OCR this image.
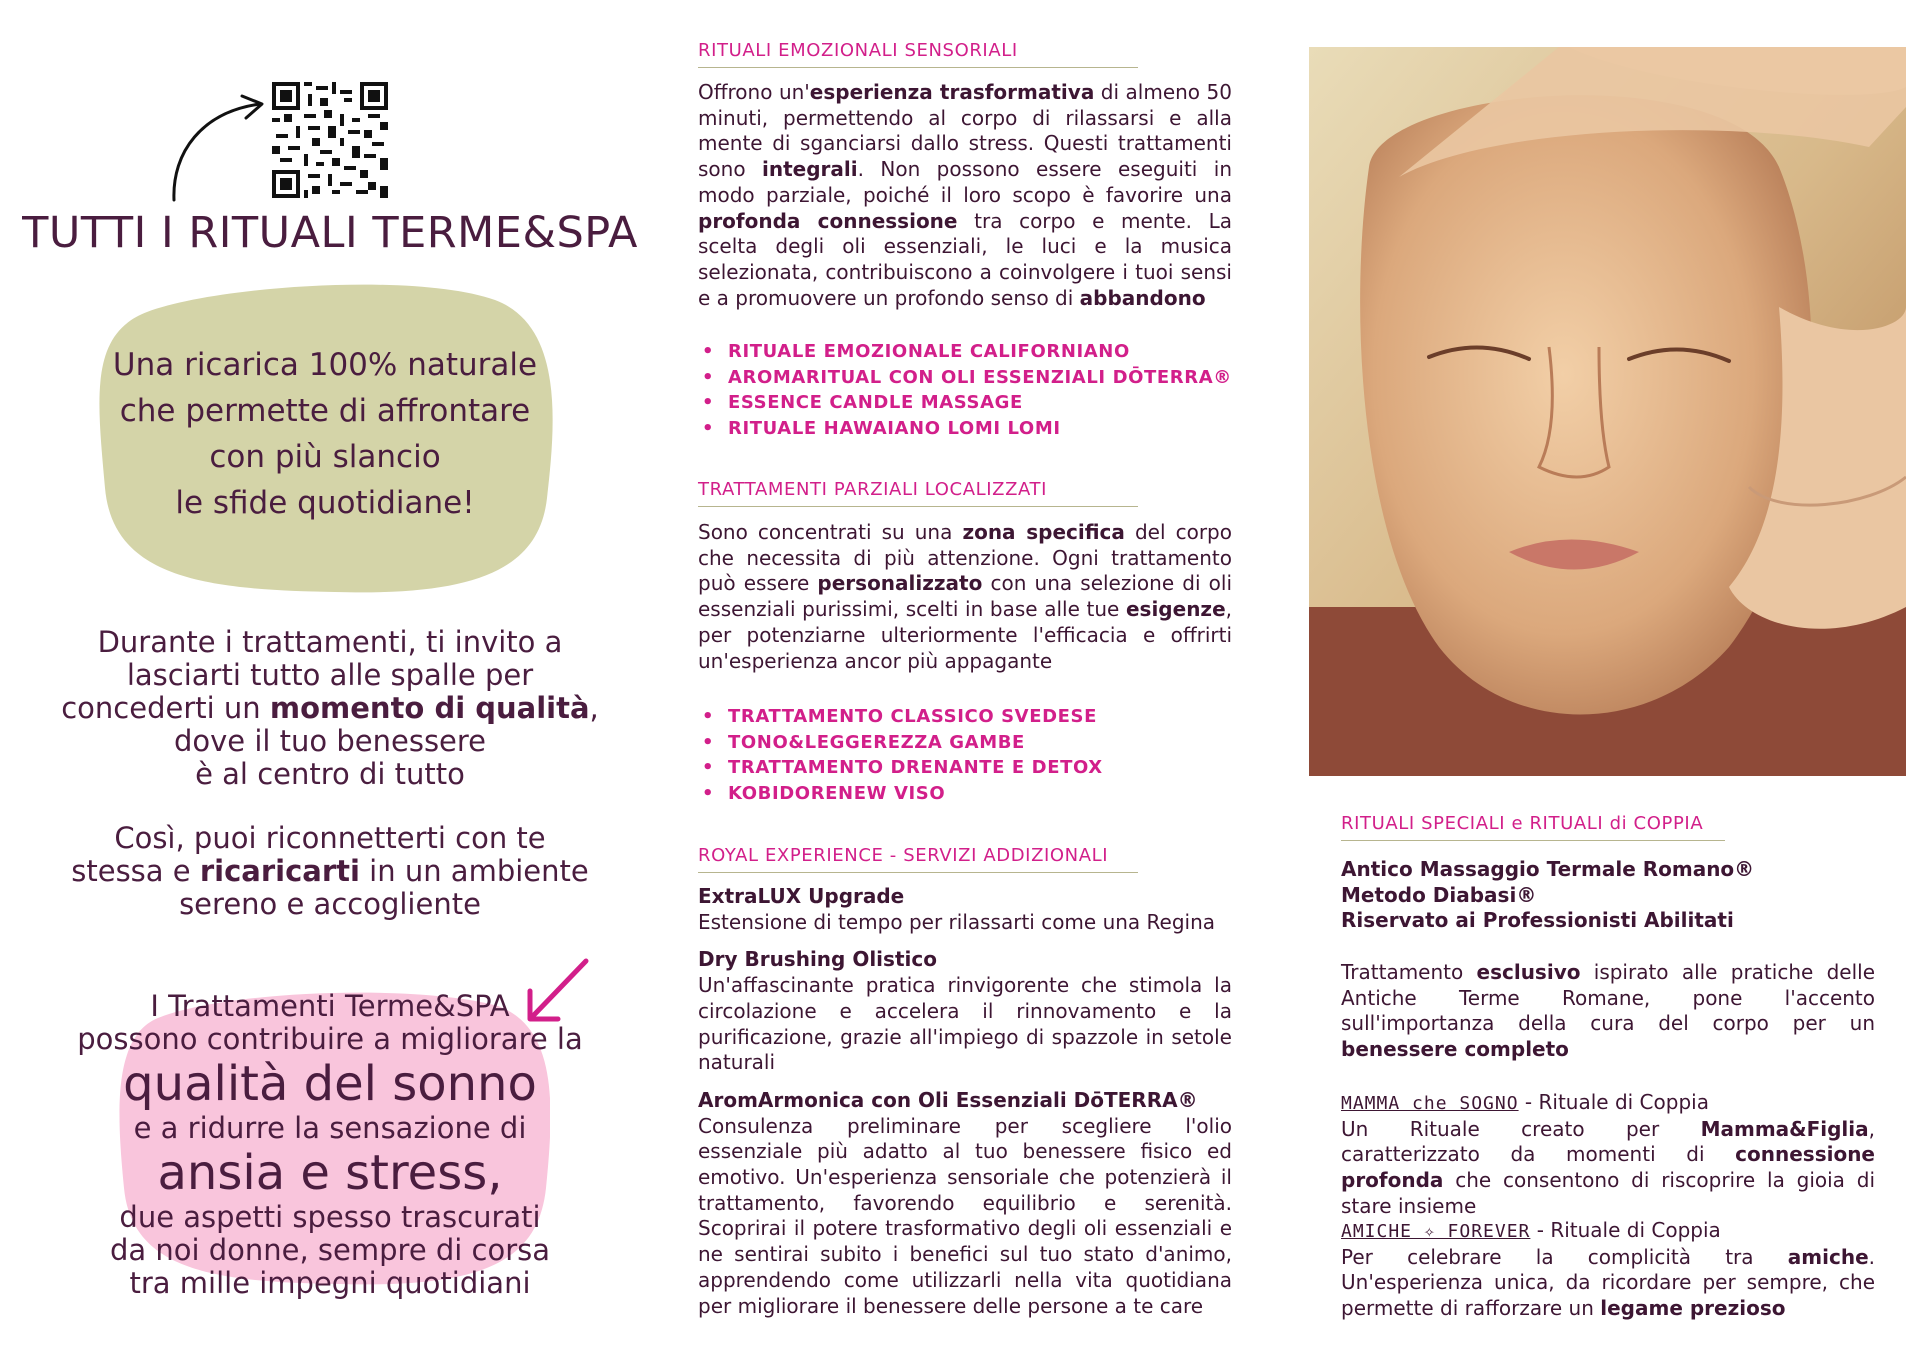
TUTTI I RITUALI TERME&SPA
Una ricarica 100% naturale
che permette di affrontare
con più slancio
le sfide quotidiane!
Durante i trattamenti, ti invito a
lasciarti tutto alle spalle per
concederti un momento di qualità,
dove il tuo benessere
è al centro di tutto
Così, puoi riconnetterti con te
stessa e ricaricarti in un ambiente
sereno e accogliente
I Trattamenti Terme&SPA
possono contribuire a migliorare la
qualità del sonno
e a ridurre la sensazione di
ansia e stress,
due aspetti spesso trascurati
da noi donne, sempre di corsa
tra mille impegni quotidiani
RITUALI EMOZIONALI SENSORIALI
Offrono un'esperienza trasformativa di almeno 50 minuti, permettendo al corpo di rilassarsi e alla mente di sganciarsi dallo stress. Questi trattamenti sono integrali. Non possono essere eseguiti in modo parziale, poiché il loro scopo è favorire una profonda connessione tra corpo e mente. La scelta degli oli essenziali, le luci e la musica selezionata, contribuiscono a coinvolgere i tuoi sensi e a promuovere un profondo senso di abbandono
• RITUALE EMOZIONALE CALIFORNIANO
• AROMARITUAL CON OLI ESSENZIALI DŌTERRA®
• ESSENCE CANDLE MASSAGE
• RITUALE HAWAIANO LOMI LOMI
TRATTAMENTI PARZIALI LOCALIZZATI
Sono concentrati su una zona specifica del corpo che necessita di più attenzione. Ogni trattamento può essere personalizzato con una selezione di oli essenziali purissimi, scelti in base alle tue esigenze, per potenziarne ulteriormente l'efficacia e offrirti un'esperienza ancor più appagante
• TRATTAMENTO CLASSICO SVEDESE
• TONO&LEGGEREZZA GAMBE
• TRATTAMENTO DRENANTE E DETOX
• KOBIDORENEW VISO
ROYAL EXPERIENCE - SERVIZI ADDIZIONALI
ExtraLUX Upgrade
Estensione di tempo per rilassarti come una Regina
Dry Brushing Olistico
Un'affascinante pratica rinvigorente che stimola la circolazione e accelera il rinnovamento e la purificazione, grazie all'impiego di spazzole in setole naturali
AromArmonica con Oli Essenziali DōTERRA®
Consulenza preliminare per scegliere l'olio essenziale più adatto al tuo benessere fisico ed emotivo. Un'esperienza sensoriale che potenzierà il trattamento, favorendo equilibrio e serenità. Scoprirai il potere trasformativo degli oli essenziali e ne sentirai subito i benefici sul tuo stato d'animo, apprendendo come utilizzarli nella vita quotidiana per migliorare il benessere delle persone a te care
RITUALI SPECIALI e RITUALI di COPPIA
Antico Massaggio Termale Romano®
Metodo Diabasi®
Riservato ai Professionisti Abilitati
Trattamento esclusivo ispirato alle pratiche delle Antiche Terme Romane, pone l'accento sull'importanza della cura del corpo per un benessere completo
MAMMA che SOGNO - Rituale di Coppia
Un Rituale creato per Mamma&Figlia, caratterizzato da momenti di connessione profonda che consentono di riscoprire la gioia di stare insieme
AMICHE ✧ FOREVER - Rituale di Coppia
Per celebrare la complicità tra amiche. Un'esperienza unica, da ricordare per sempre, che permette di rafforzare un legame prezioso
